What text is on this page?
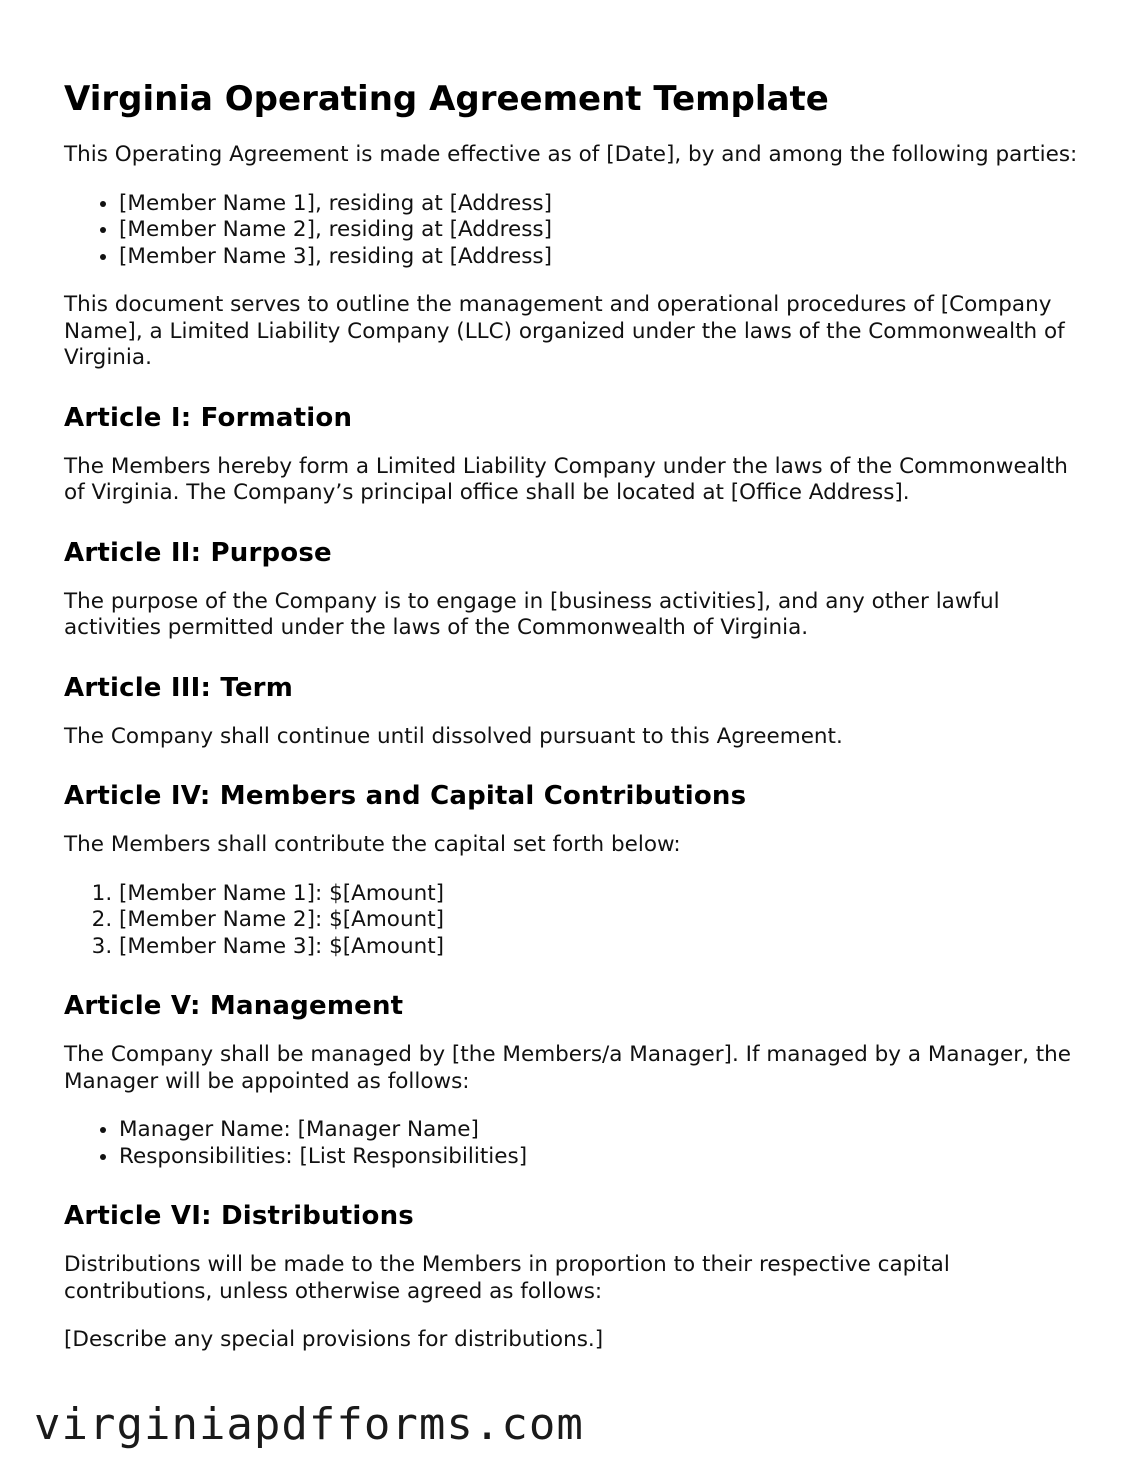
Virginia Operating Agreement Template

This Operating Agreement is made effective as of [Date], by and among the following parties:

• [Member Name 1], residing at [Address]
• [Member Name 2], residing at [Address]
• [Member Name 3], residing at [Address]

This document serves to outline the management and operational procedures of [Company Name], a Limited Liability Company (LLC) organized under the laws of the Commonwealth of Virginia.

Article I: Formation

The Members hereby form a Limited Liability Company under the laws of the Commonwealth of Virginia. The Company’s principal office shall be located at [Office Address].

Article II: Purpose

The purpose of the Company is to engage in [business activities], and any other lawful activities permitted under the laws of the Commonwealth of Virginia.

Article III: Term

The Company shall continue until dissolved pursuant to this Agreement.

Article IV: Members and Capital Contributions

The Members shall contribute the capital set forth below:

1. [Member Name 1]: $[Amount]
2. [Member Name 2]: $[Amount]
3. [Member Name 3]: $[Amount]
Article V: Management

The Company shall be managed by [the Members/a Manager]. If managed by a Manager, the Manager will be appointed as follows:

• Manager Name: [Manager Name]
• Responsibilities: [List Responsibilities]
Article VI: Distributions

Distributions will be made to the Members in proportion to their respective capital contributions, unless otherwise agreed as follows:

[Describe any special provisions for distributions.]

virginiapdfforms.com
